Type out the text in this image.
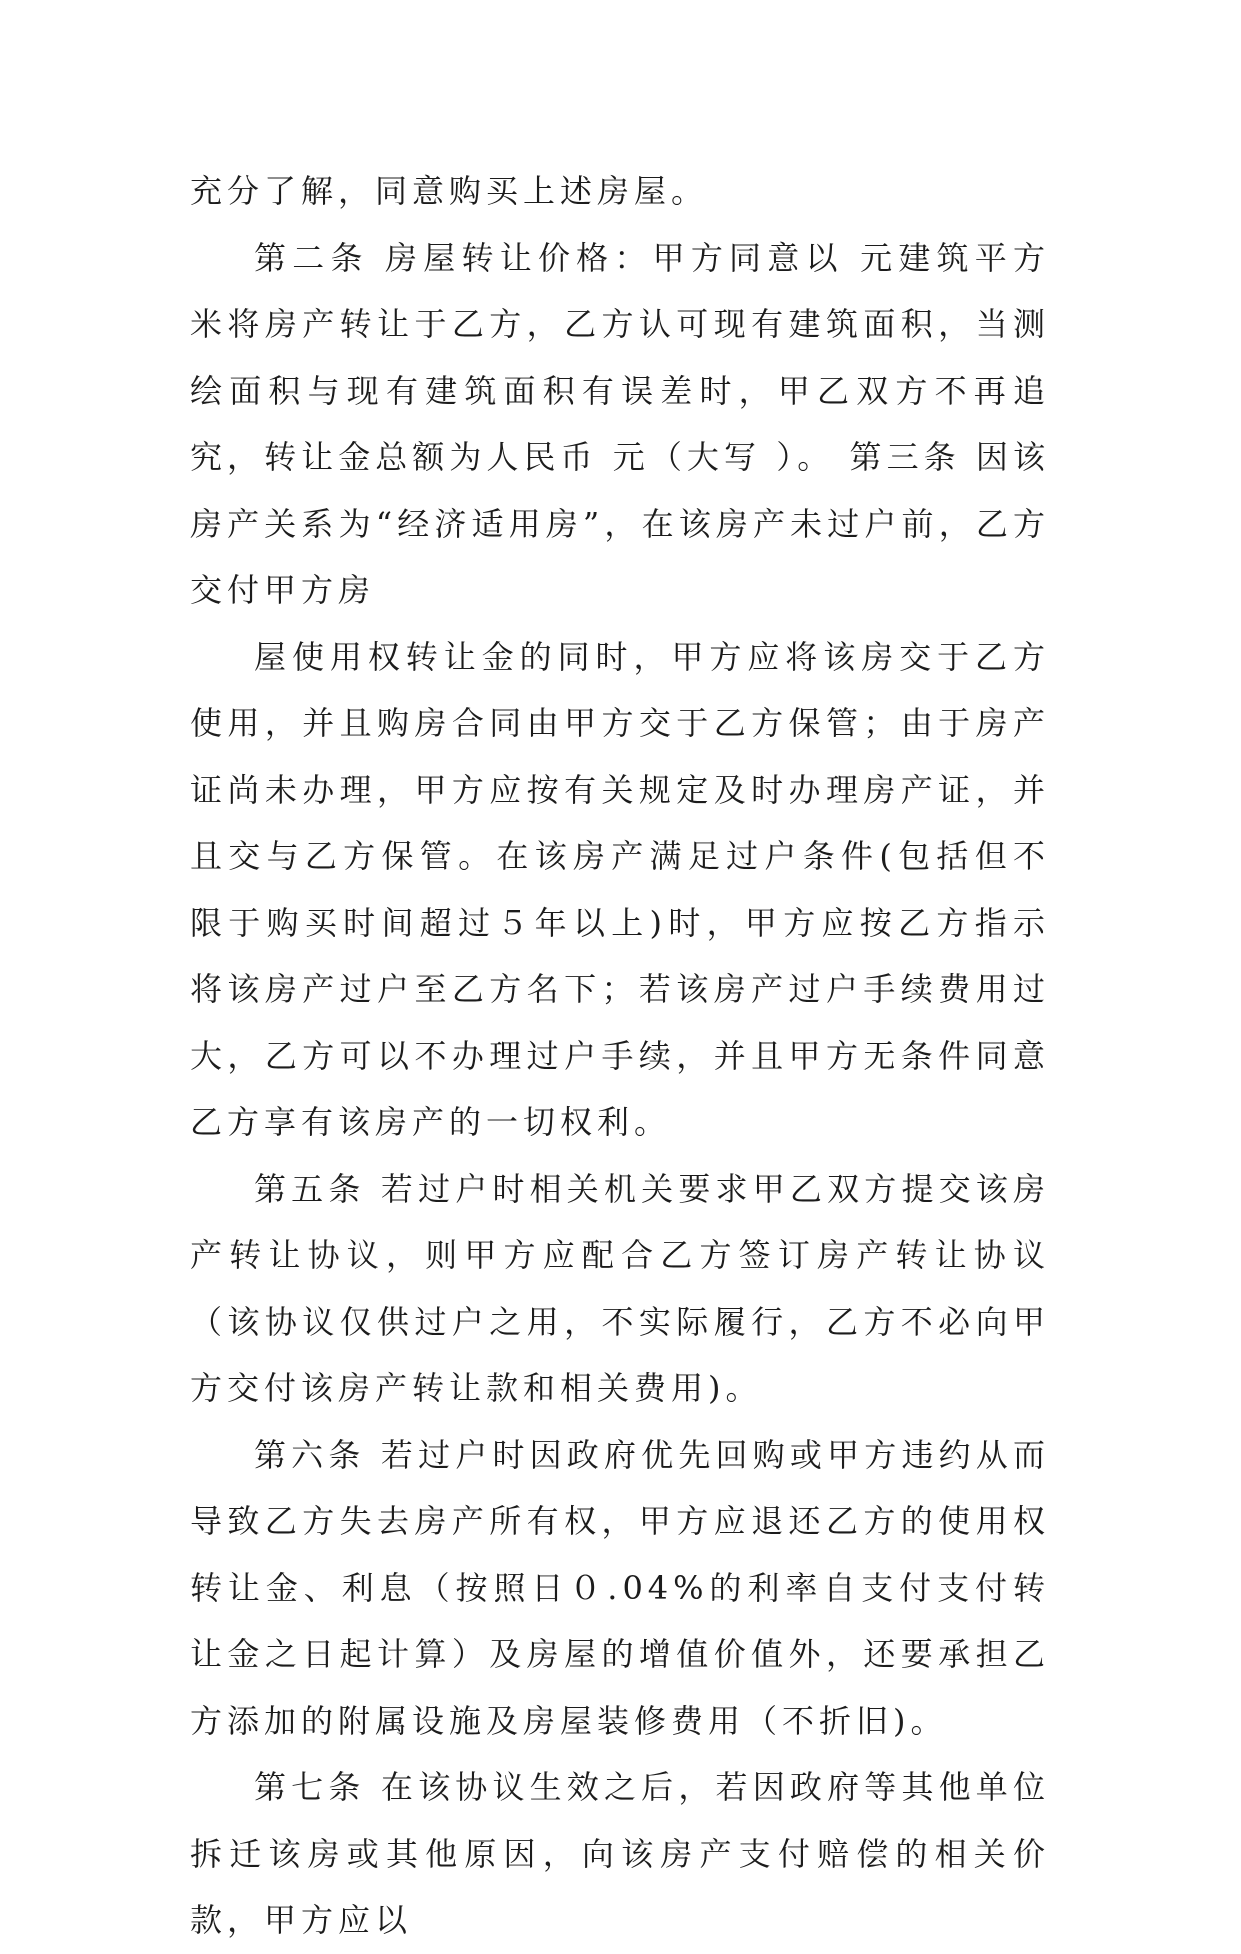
充分了解，同意购买上述房屋。

第二条 房屋转让价格：甲方同意以 元建筑平方米将房产转让于乙方，乙方认可现有建筑面积，当测绘面积与现有建筑面积有误差时，甲乙双方不再追究，转让金总额为人民币 元（大写 ）。 第三条 因该房产关系为“经济适用房”，在该房产未过户前，乙方交付甲方房

屋使用权转让金的同时，甲方应将该房交于乙方使用，并且购房合同由甲方交于乙方保管；由于房产证尚未办理，甲方应按有关规定及时办理房产证，并且交与乙方保管。在该房产满足过户条件(包括但不限于购买时间超过５年以上)时，甲方应按乙方指示将该房产过户至乙方名下；若该房产过户手续费用过大，乙方可以不办理过户手续，并且甲方无条件同意乙方享有该房产的一切权利。

第五条 若过户时相关机关要求甲乙双方提交该房产转让协议，则甲方应配合乙方签订房产转让协议（该协议仅供过户之用，不实际履行，乙方不必向甲方交付该房产转让款和相关费用)。

第六条 若过户时因政府优先回购或甲方违约从而导致乙方失去房产所有权，甲方应退还乙方的使用权转让金、利息（按照日０.04%的利率自支付支付转让金之日起计算）及房屋的增值价值外，还要承担乙方添加的附属设施及房屋装修费用（不折旧)。

第七条 在该协议生效之后，若因政府等其他单位拆迁该房或其他原因，向该房产支付赔偿的相关价款，甲方应以
